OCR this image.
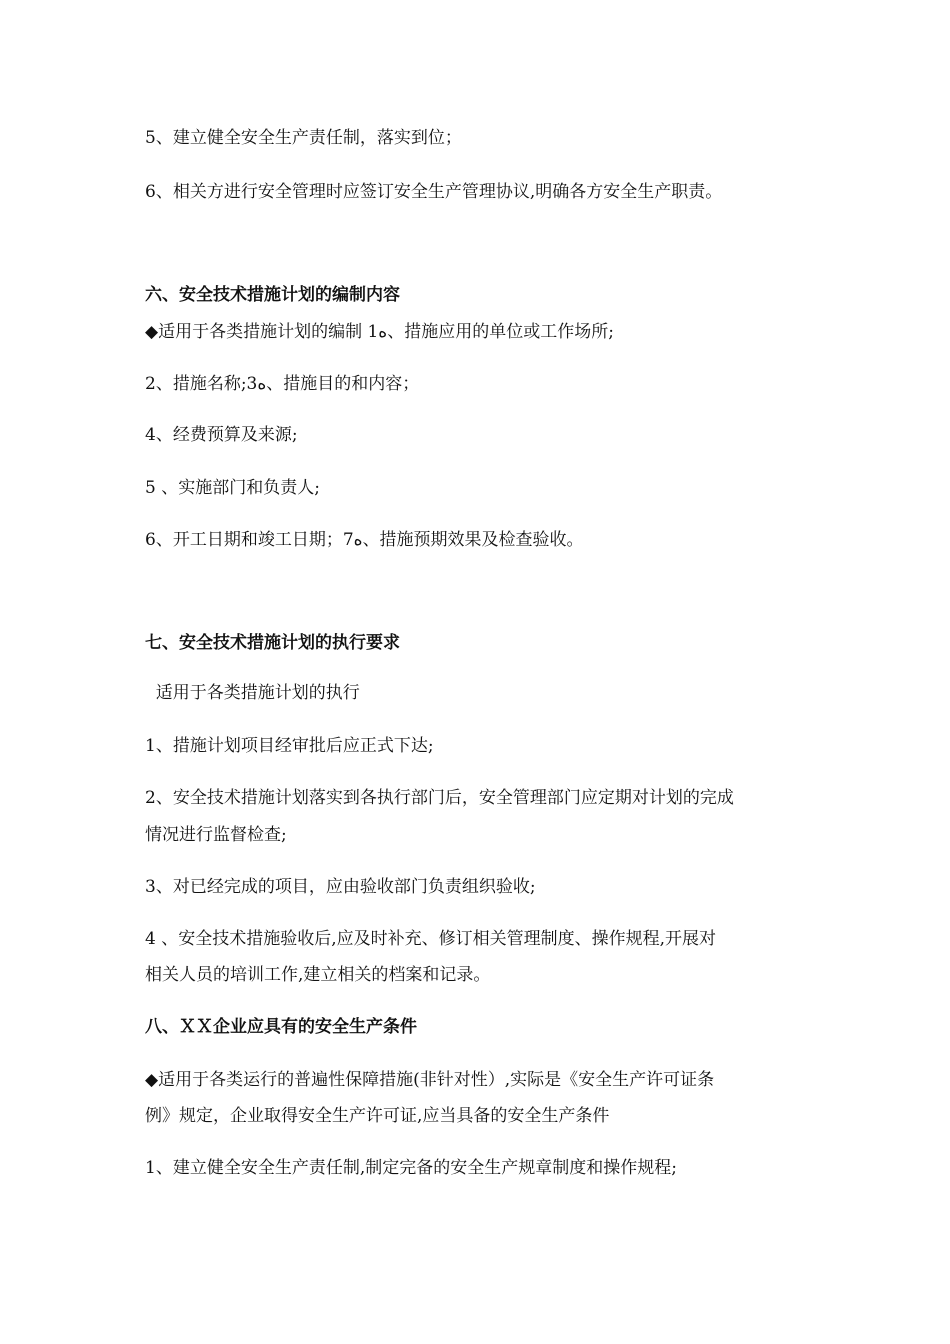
5、建立健全安全生产责任制，落实到位；
6、相关方进行安全管理时应签订安全生产管理协议,明确各方安全生产职责。
六、安全技术措施计划的编制内容
◆适用于各类措施计划的编制 1ﻩ、措施应用的单位或工作场所;
2、措施名称;3ﻩ、措施目的和内容；
4、经费预算及来源;
5 、实施部门和负责人;
6、开工日期和竣工日期；7ﻩ、措施预期效果及检查验收。
七、安全技术措施计划的执行要求
适用于各类措施计划的执行
1、措施计划项目经审批后应正式下达;
2、安全技术措施计划落实到各执行部门后，安全管理部门应定期对计划的完成
情况进行监督检查;
3、对已经完成的项目，应由验收部门负责组织验收;
4 、安全技术措施验收后,应及时补充、修订相关管理制度、操作规程,开展对
相关人员的培训工作,建立相关的档案和记录。
八、ＸＸ企业应具有的安全生产条件
◆适用于各类运行的普遍性保障措施(非针对性）,实际是《安全生产许可证条
例》规定，企业取得安全生产许可证,应当具备的安全生产条件
1、建立健全安全生产责任制,制定完备的安全生产规章制度和操作规程;
